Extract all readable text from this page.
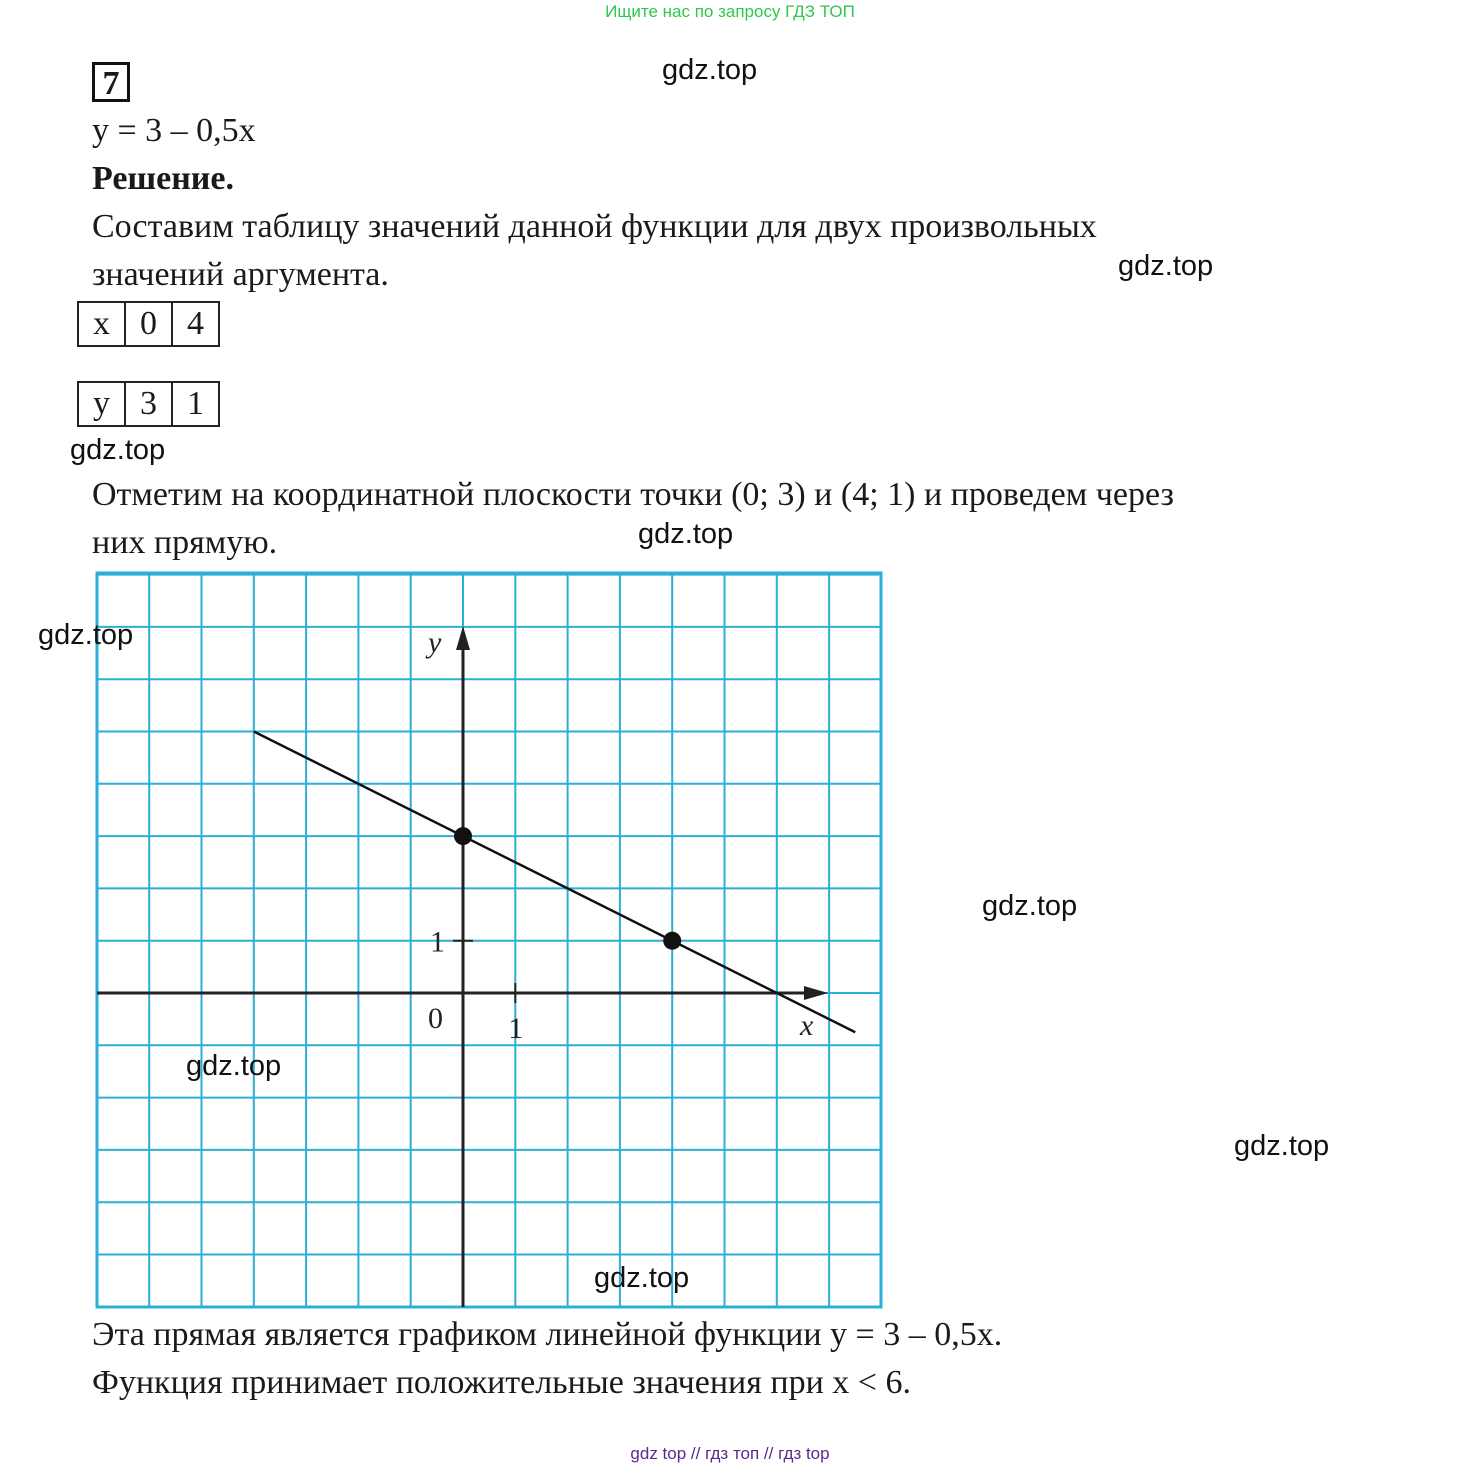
Ищите нас по запросу ГДЗ ТОП
7	gdz.top
y = 3 – 0,5x
Решение.
Составим таблицу значений данной функции для двух произвольных
значений аргумента.	gdz.top
x	0	4
y	3	1
gdz.top
Отметим на координатной плоскости точки (0; 3) и (4; 1) и проведем через
них прямую.	gdz.top
x
y
0 1
1
gdz.top
gdz.top
gdz.top
gdz.top
gdz.top
Эта прямая является графиком линейной функции y = 3 – 0,5x.
Функция принимает положительные значения при x < 6.
gdz top // гдз топ // гдз top
